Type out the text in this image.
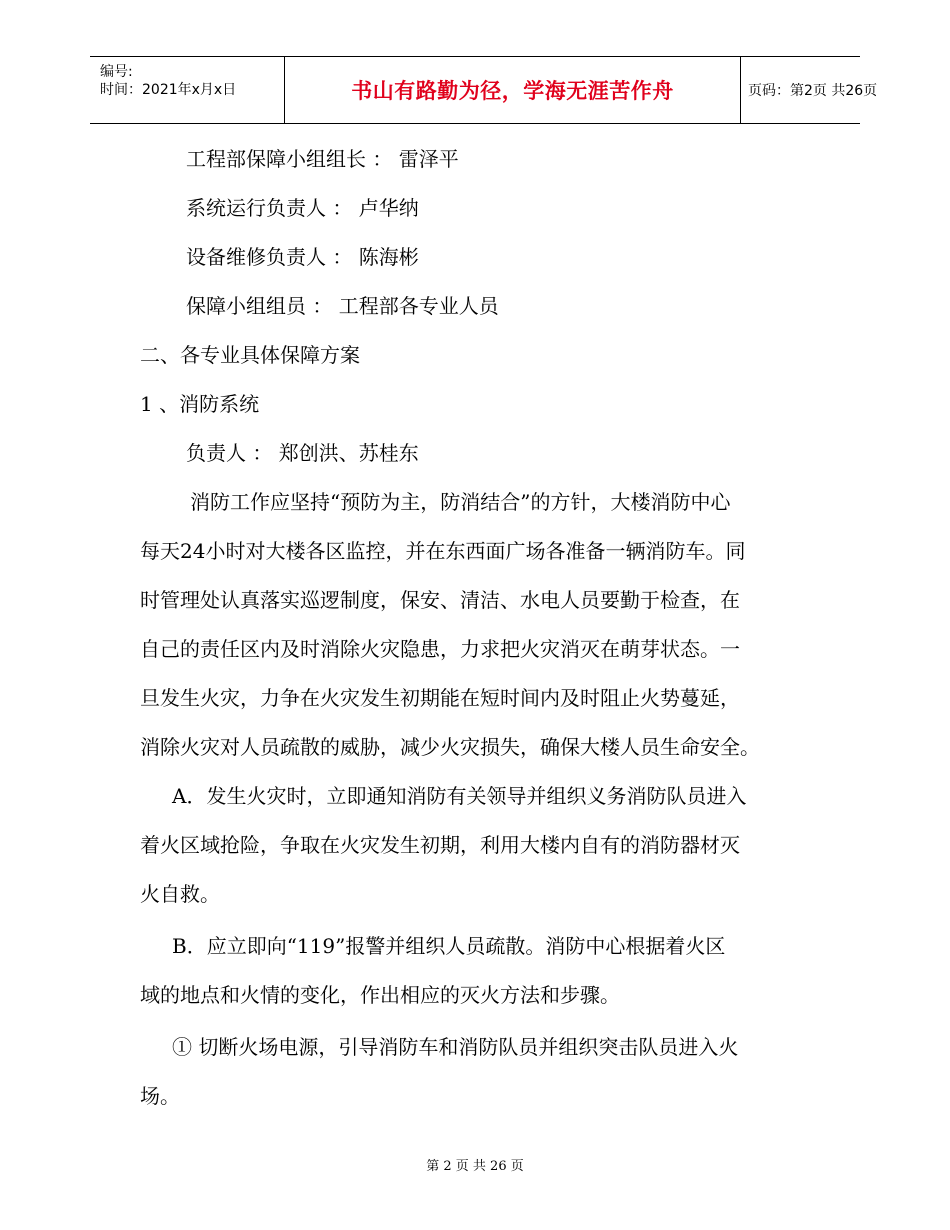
编号:
时间：2021年x月x日	书山有路勤为径，学海无涯苦作舟	页码：第2页 共26页
工程部保障小组组长 ： 雷泽平
系统运行负责人 ： 卢华纳
设备维修负责人 ： 陈海彬
保障小组组员 ： 工程部各专业人员
二、各专业具体保障方案
1 、消防系统
负责人 ： 郑创洪、苏桂东
消防工作应坚持“预防为主，防消结合”的方针，大楼消防中心
每天24小时对大楼各区监控，并在东西面广场各准备一辆消防车。同
时管理处认真落实巡逻制度，保安、清洁、水电人员要勤于检查，在
自己的责任区内及时消除火灾隐患，力求把火灾消灭在萌芽状态。一
旦发生火灾，力争在火灾发生初期能在短时间内及时阻止火势蔓延，
消除火灾对人员疏散的威胁，减少火灾损失，确保大楼人员生命安全。
A．发生火灾时，立即通知消防有关领导并组织义务消防队员进入
着火区域抢险，争取在火灾发生初期，利用大楼内自有的消防器材灭
火自救。
B．应立即向“119”报警并组织人员疏散。消防中心根据着火区
域的地点和火情的变化，作出相应的灭火方法和步骤。
① 切断火场电源，引导消防车和消防队员并组织突击队员进入火
场。
第 2 页 共 26 页
